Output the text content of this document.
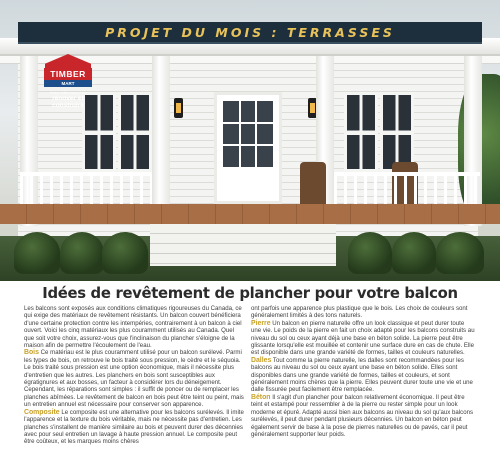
PROJET DU MOIS : TERRASSES
TIMBER
MART
Votre référence pour
rénover et construire
Idées de revêtement de plancher pour votre balcon

Les balcons sont exposés aux conditions climatiques rigoureuses du Canada, ce qui exige des matériaux de revêtement résistants. Un balcon couvert bénéficiera d'une certaine protection contre les intempéries, contrairement à un balcon à ciel ouvert. Voici les cinq matériaux les plus couramment utilisés au Canada. Quel que soit votre choix, assurez-vous que l'inclinaison du plancher s'éloigne de la maison afin de permettre l'écoulement de l'eau.

Bois Ce matériau est le plus couramment utilisé pour un balcon surélevé. Parmi les types de bois, on retrouve le bois traité sous pression, le cèdre et le séquoia. Le bois traité sous pression est une option économique, mais il nécessite plus d'entretien que les autres. Les planchers en bois sont susceptibles aux égratignures et aux bosses, un facteur à considérer lors du déneigement. Cependant, les réparations sont simples : il suffit de poncer ou de remplacer les planches abîmées. Le revêtement de balcon en bois peut être teint ou peint, mais un entretien annuel est nécessaire pour conserver son apparence.

Composite Le composite est une alternative pour les balcons surélevés. Il imite l'apparence et la texture du bois véritable, mais ne nécessite pas d'entretien. Les planches s'installent de manière similaire au bois et peuvent durer des décennies avec pour seul entretien un lavage à haute pression annuel. Le composite peut être coûteux, et les marques moins chères

ont parfois une apparence plus plastique que le bois. Les choix de couleurs sont généralement limités à des tons naturels.

Pierre Un balcon en pierre naturelle offre un look classique et peut durer toute une vie. Le poids de la pierre en fait un choix adapté pour les balcons construits au niveau du sol ou ceux ayant déjà une base en béton solide. La pierre peut être glissante lorsqu'elle est mouillée et contenir une surface dure en cas de chute. Elle est disponible dans une grande variété de formes, tailles et couleurs naturelles.

Dalles Tout comme la pierre naturelle, les dalles sont recommandées pour les balcons au niveau du sol ou ceux ayant une base en béton solide. Elles sont disponibles dans une grande variété de formes, tailles et couleurs, et sont généralement moins chères que la pierre. Elles peuvent durer toute une vie et une dalle fissurée peut facilement être remplacée.

Béton Il s'agit d'un plancher pour balcon relativement économique. Il peut être teint et estampé pour ressembler à de la pierre ou rester simple pour un look moderne et épuré. Adapté aussi bien aux balcons au niveau du sol qu'aux balcons surélevés, il peut durer pendant plusieurs décennies. Un balcon en béton peut également servir de base à la pose de pierres naturelles ou de pavés, car il peut généralement supporter leur poids.
